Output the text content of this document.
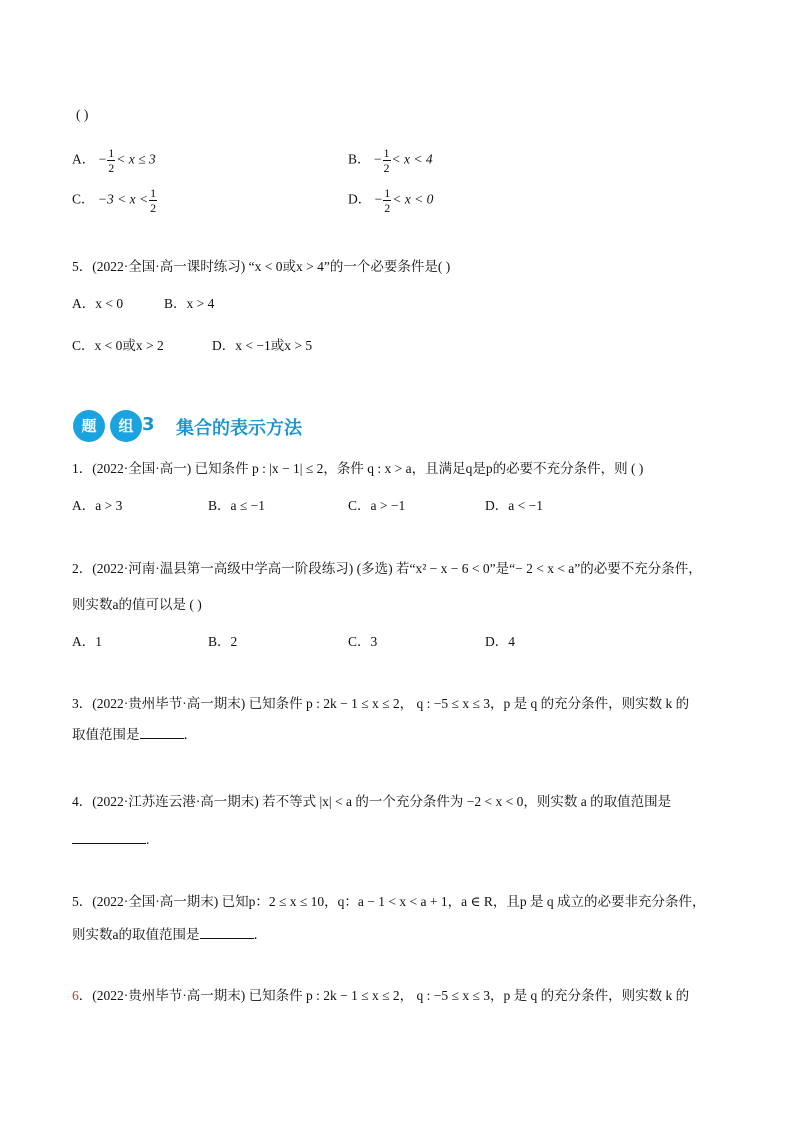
( )
A． − $\frac{1}{2} < x \le 3$	B． − $\frac{1}{2} < x < 4$
C． $-3 < x < \frac{1}{2}$	D． − $\frac{1}{2} < x < 0$
5．(2022·全国·高一课时练习) “x < 0或x > 4”的一个必要条件是( )
A．x < 0	B．x > 4
C．x < 0或x > 2	D．x < −1或x > 5
题	组 3 集合的表示方法
1．(2022·全国·高一) 已知条件 p : |x − 1| ≤ 2，条件 q : x > a，且满足q是p的必要不充分条件，则 ( )
A．a > 3	B．a ≤ −1	C．a > −1	D．a < −1
2．(2022·河南·温县第一高级中学高一阶段练习) (多选) 若“x² − x − 6 < 0”是“− 2 < x < a”的必要不充分条件，
则实数a的值可以是 ( )
A．1	B．2	C．3	D．4
3．(2022·贵州毕节·高一期末) 已知条件 p : 2k − 1 ≤ x ≤ 2， q : −5 ≤ x ≤ 3，p 是 q 的充分条件，则实数 k 的
取值范围是	．
4．(2022·江苏连云港·高一期末) 若不等式 |x| < a 的一个充分条件为 −2 < x < 0，则实数 a 的取值范围是
.
5．(2022·全国·高一期末) 已知p：2 ≤ x ≤ 10，q：a − 1 < x < a + 1，a ∈ R，且p 是 q 成立的必要非充分条件，
则实数a的取值范围是	．
6．(2022·贵州毕节·高一期末) 已知条件 p : 2k − 1 ≤ x ≤ 2， q : −5 ≤ x ≤ 3，p 是 q 的充分条件，则实数 k 的
